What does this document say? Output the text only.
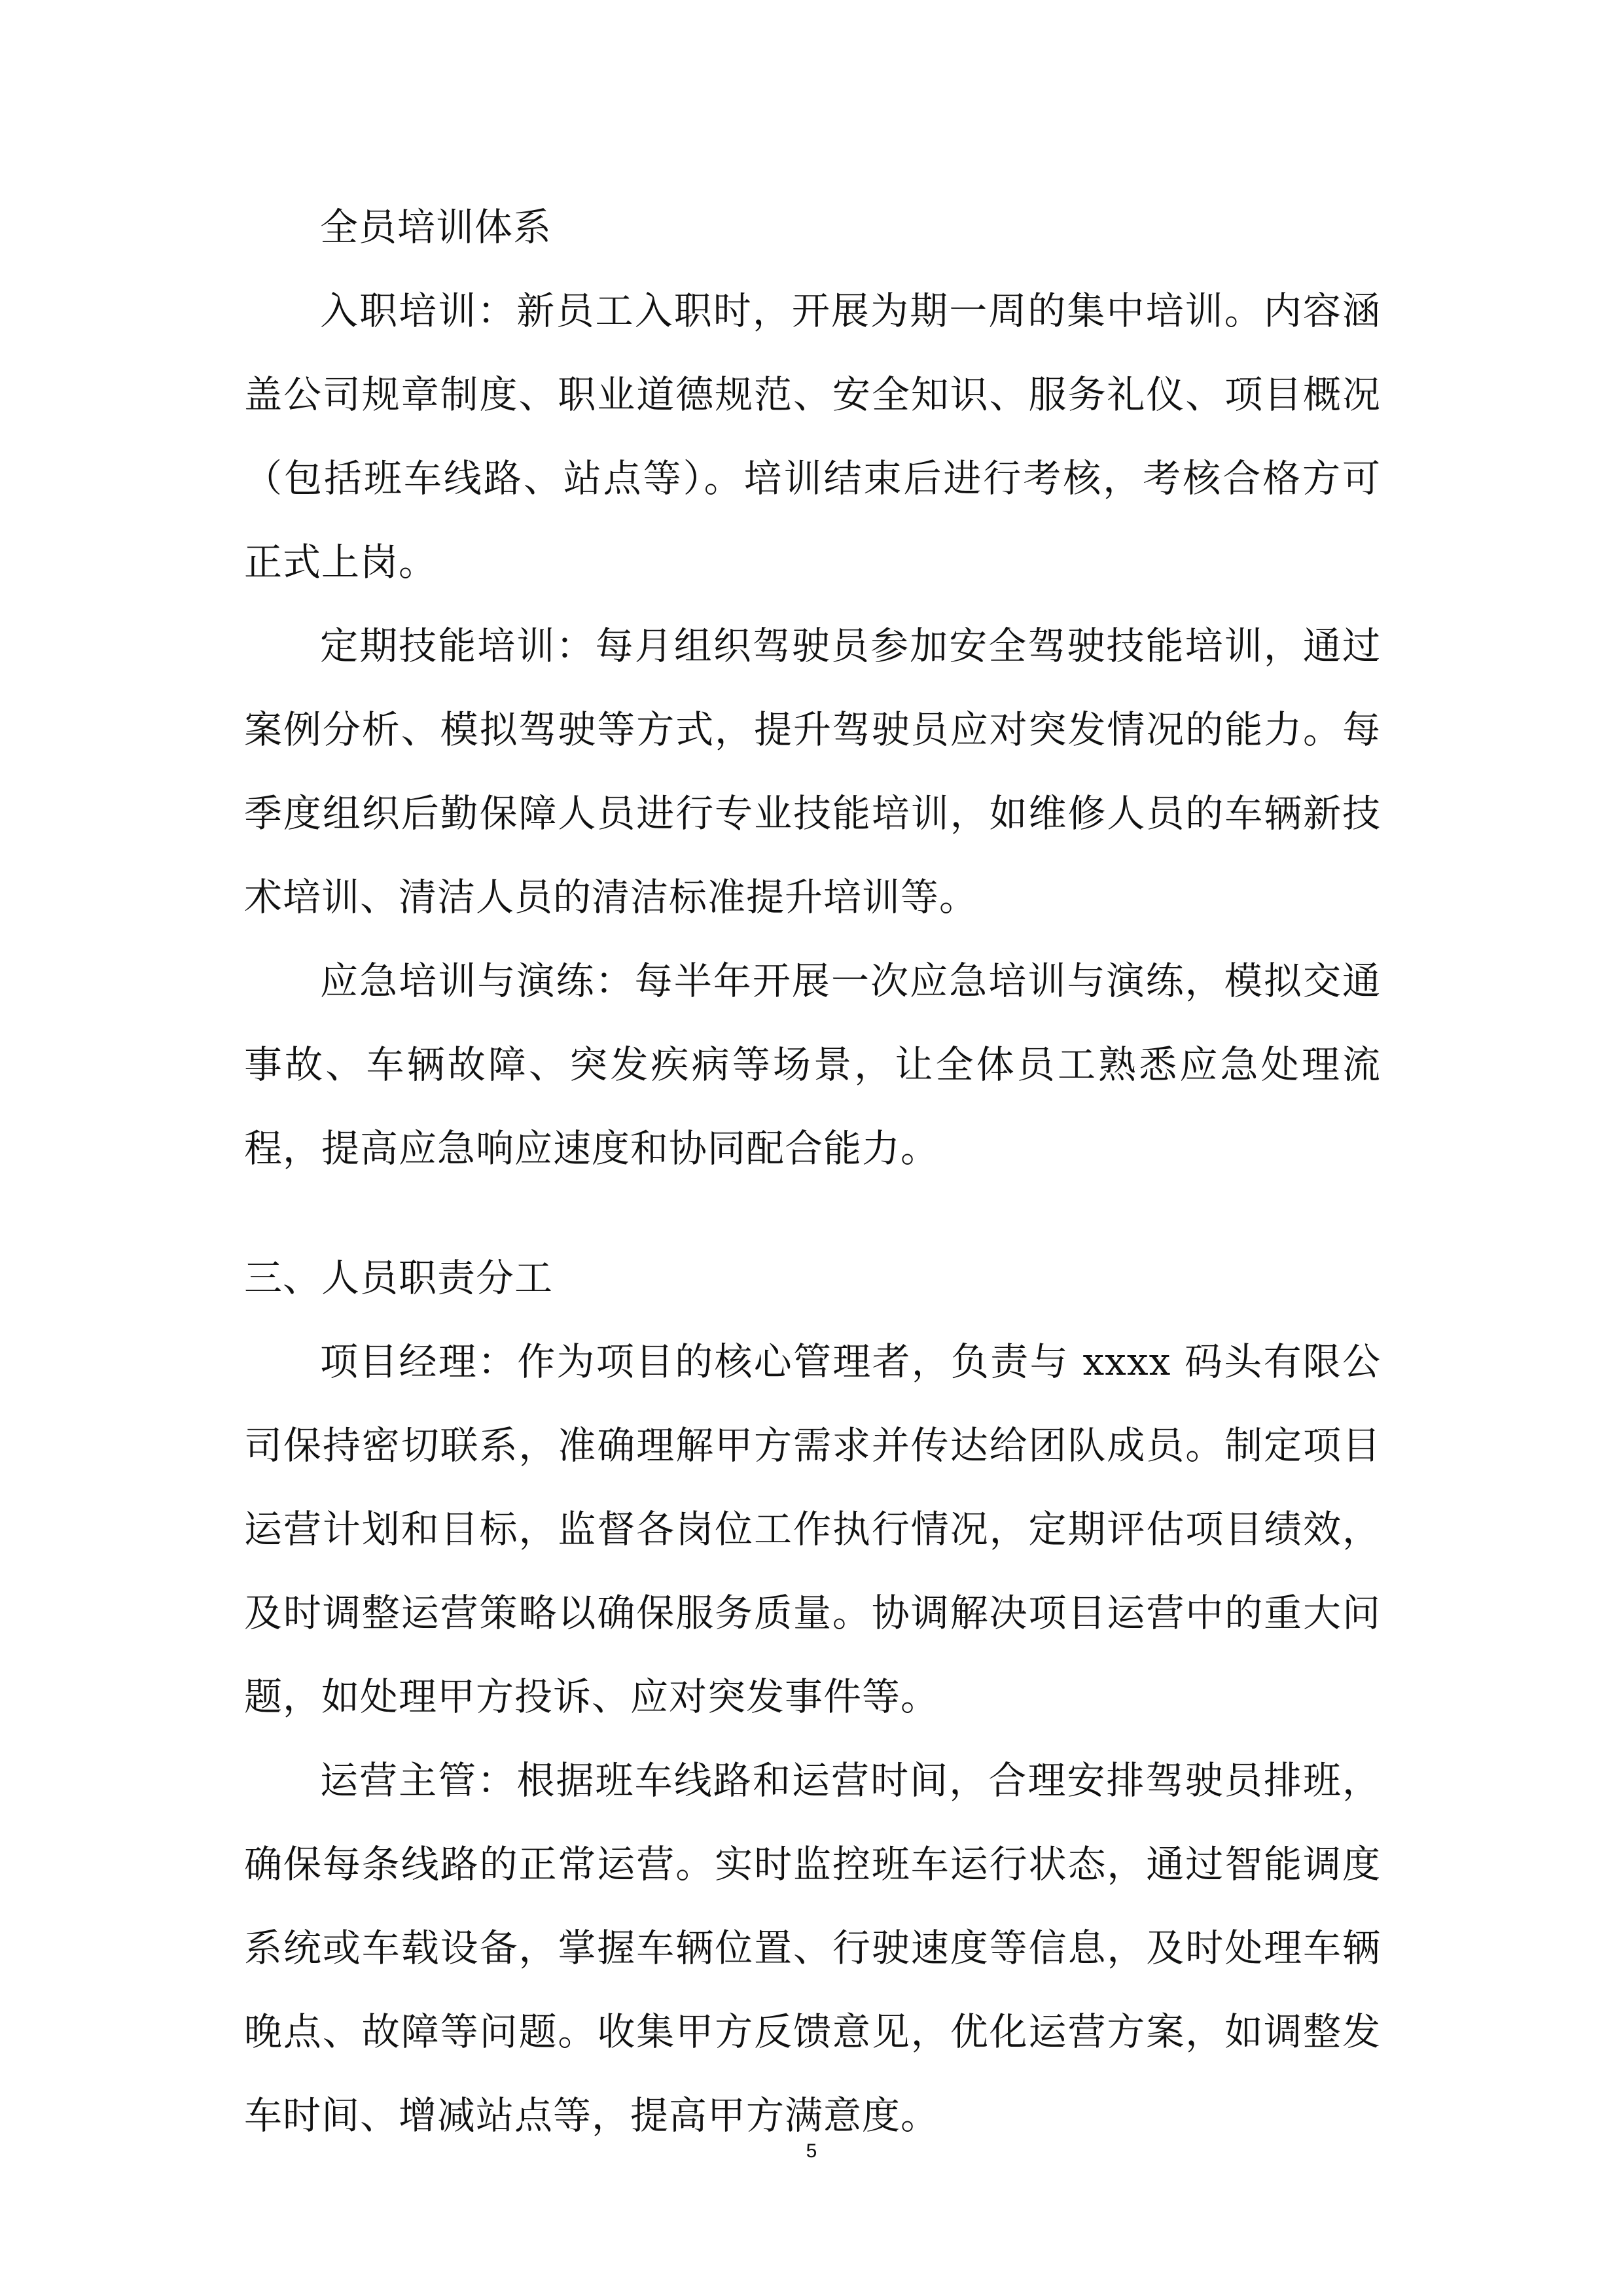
全员培训体系

入职培训：新员工入职时，开展为期一周的集中培训。内容涵盖公司规章制度、职业道德规范、安全知识、服务礼仪、项目概况（包括班车线路、站点等）。培训结束后进行考核，考核合格方可正式上岗。

定期技能培训：每月组织驾驶员参加安全驾驶技能培训，通过案例分析、模拟驾驶等方式，提升驾驶员应对突发情况的能力。每季度组织后勤保障人员进行专业技能培训，如维修人员的车辆新技术培训、清洁人员的清洁标准提升培训等。

应急培训与演练：每半年开展一次应急培训与演练，模拟交通事故、车辆故障、突发疾病等场景，让全体员工熟悉应急处理流程，提高应急响应速度和协同配合能力。

三、人员职责分工

项目经理：作为项目的核心管理者，负责与 xxxx 码头有限公司保持密切联系，准确理解甲方需求并传达给团队成员。制定项目运营计划和目标，监督各岗位工作执行情况，定期评估项目绩效，及时调整运营策略以确保服务质量。协调解决项目运营中的重大问题，如处理甲方投诉、应对突发事件等。

运营主管：根据班车线路和运营时间，合理安排驾驶员排班，确保每条线路的正常运营。实时监控班车运行状态，通过智能调度系统或车载设备，掌握车辆位置、行驶速度等信息，及时处理车辆晚点、故障等问题。收集甲方反馈意见，优化运营方案，如调整发车时间、增减站点等，提高甲方满意度。

5
